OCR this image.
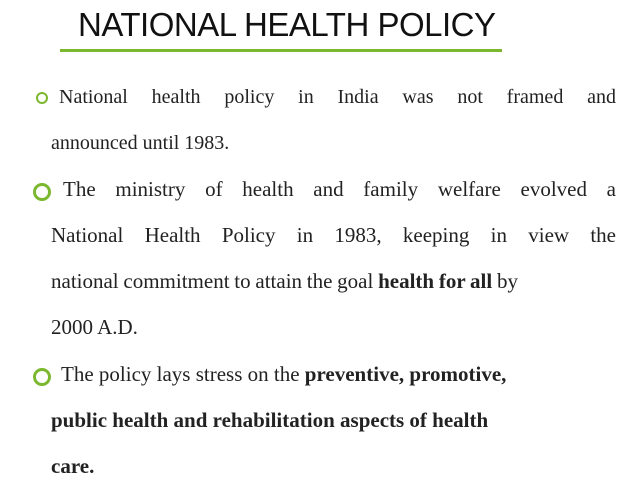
NATIONAL HEALTH POLICY
National health policy in India was not framed and
announced until 1983.
The ministry of health and family welfare evolved a
National Health Policy in 1983, keeping in view the
national commitment to attain the goal health for all by
2000 A.D.
The policy lays stress on the preventive, promotive,
public health and rehabilitation aspects of health
care.
